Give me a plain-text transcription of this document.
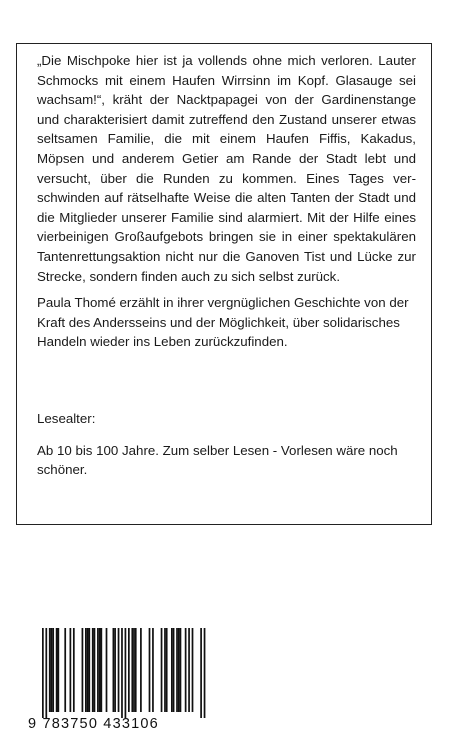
„Die Mischpoke hier ist ja vollends ohne mich verloren. Lauter Schmocks mit einem Haufen Wirrsinn im Kopf. Glasauge sei wachsam!“, kräht der Nacktpapagei von der Gardinenstange und charakterisiert damit zutreffend den Zustand unserer etwas seltsamen Familie, die mit einem Haufen Fiffis, Kakadus, Möpsen und anderem Getier am Rande der Stadt lebt und versucht, über die Runden zu kommen. Eines Tages verschwinden auf rätselhafte Weise die alten Tanten der Stadt und die Mitglieder unserer Familie sind alarmiert. Mit der Hilfe eines vierbeinigen Großaufgebots bringen sie in einer spektakulären Tantenrettungsaktion nicht nur die Ganoven Tist und Lücke zur Strecke, sondern finden auch zu sich selbst zurück.

Paula Thomé erzählt in ihrer vergnüglichen Geschichte von der Kraft des Andersseins und der Möglichkeit, über solidarisches Handeln wieder ins Leben zurückzufinden.

Lesealter:
Ab 10 bis 100 Jahre. Zum selber Lesen - Vorlesen wäre noch schöner.
9 783750 433106
